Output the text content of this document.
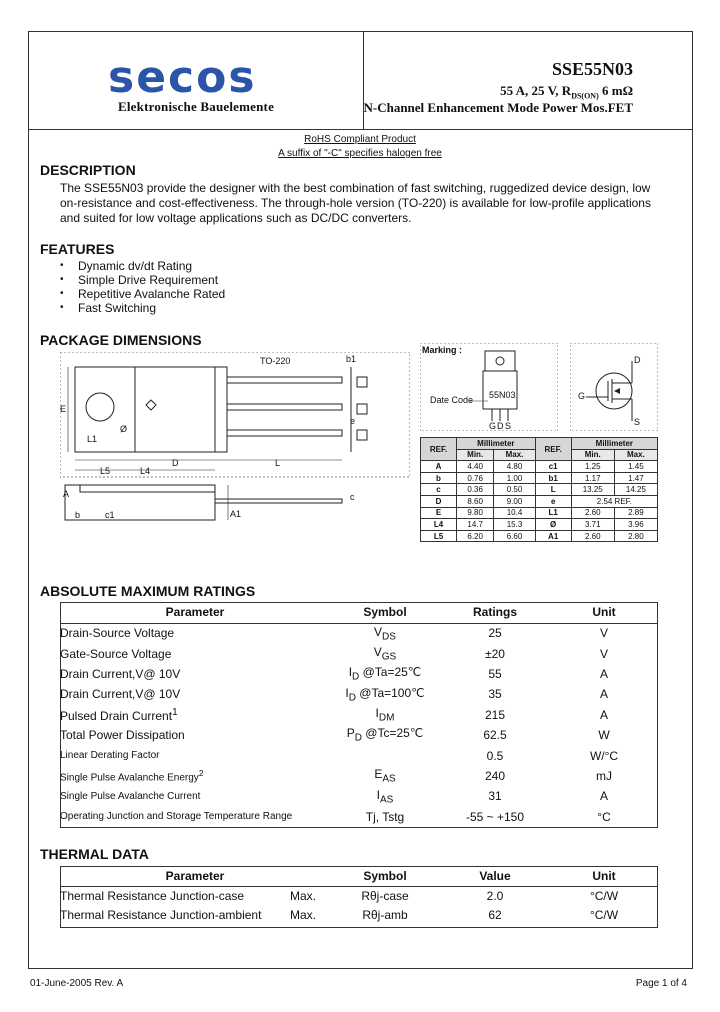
secos
Elektronische Bauelemente
SSE55N03
55 A, 25 V, $R_{DS(ON)}$ 6 mΩ
N-Channel Enhancement Mode Power Mos.FET
RoHS Compliant Product
A suffix of "-C" specifies halogen free
DESCRIPTION

The SSE55N03 provide the designer with the best combination of fast switching, ruggedized device design, low on-resistance and cost-effectiveness. The through-hole version (TO-220) is available for low-profile applications and suited for low voltage applications such as DC/DC converters.

FEATURES
• Dynamic dv/dt Rating
• Simple Drive Requirement
• Repetitive Avalanche Rated
• Fast Switching
PACKAGE DIMENSIONS
TO-220
E
L1
L5	L4
D	L
b1
e
Ø
A1
A	c
b	c1
Marking :
55N03
G D S
Date Code
D
G
S
REF.	Millimeter		REF.	Millimeter	
	Min.	Max.		Min.	Max.
A	4.40	4.80	c1	1.25	1.45
b	0.76	1.00	b1	1.17	1.47
c	0.36	0.50	L	13.25	14.25
D	8.60	9.00	e	2.54 REF.	
E	9.80	10.4	L1	2.60	2.89
L4	14.7	15.3	Ø	3.71	3.96
L5	6.20	6.60	A1	2.60	2.80
ABSOLUTE MAXIMUM RATINGS
Parameter	Symbol	Ratings	Unit
Drain-Source Voltage	$V_{DS}$	25	V
Gate-Source Voltage	$V_{GS}$	±20	V
Drain Current,V@ 10V	$I_D$ @Ta=25℃	55	A
Drain Current,V@ 10V	$I_D$ @Ta=100℃	35	A
Pulsed Drain Current$^1$	$I_{DM}$	215	A
Total Power Dissipation	$P_D$ @Tc=25℃	62.5	W
Linear Derating Factor		0.5	W/°C
Single Pulse Avalanche Energy$^2$	$E_{AS}$	240	mJ
Single Pulse Avalanche Current	$I_{AS}$	31	A
Operating Junction and Storage Temperature Range	Tj, Tstg	-55 ~ +150	°C
THERMAL DATA
Parameter	Symbol	Value	Unit
Thermal Resistance Junction-case Max.	Rθj-case	2.0	°C/W
Thermal Resistance Junction-ambient Max.	Rθj-amb	62	°C/W
01-June-2005 Rev. A	Page 1 of 4
